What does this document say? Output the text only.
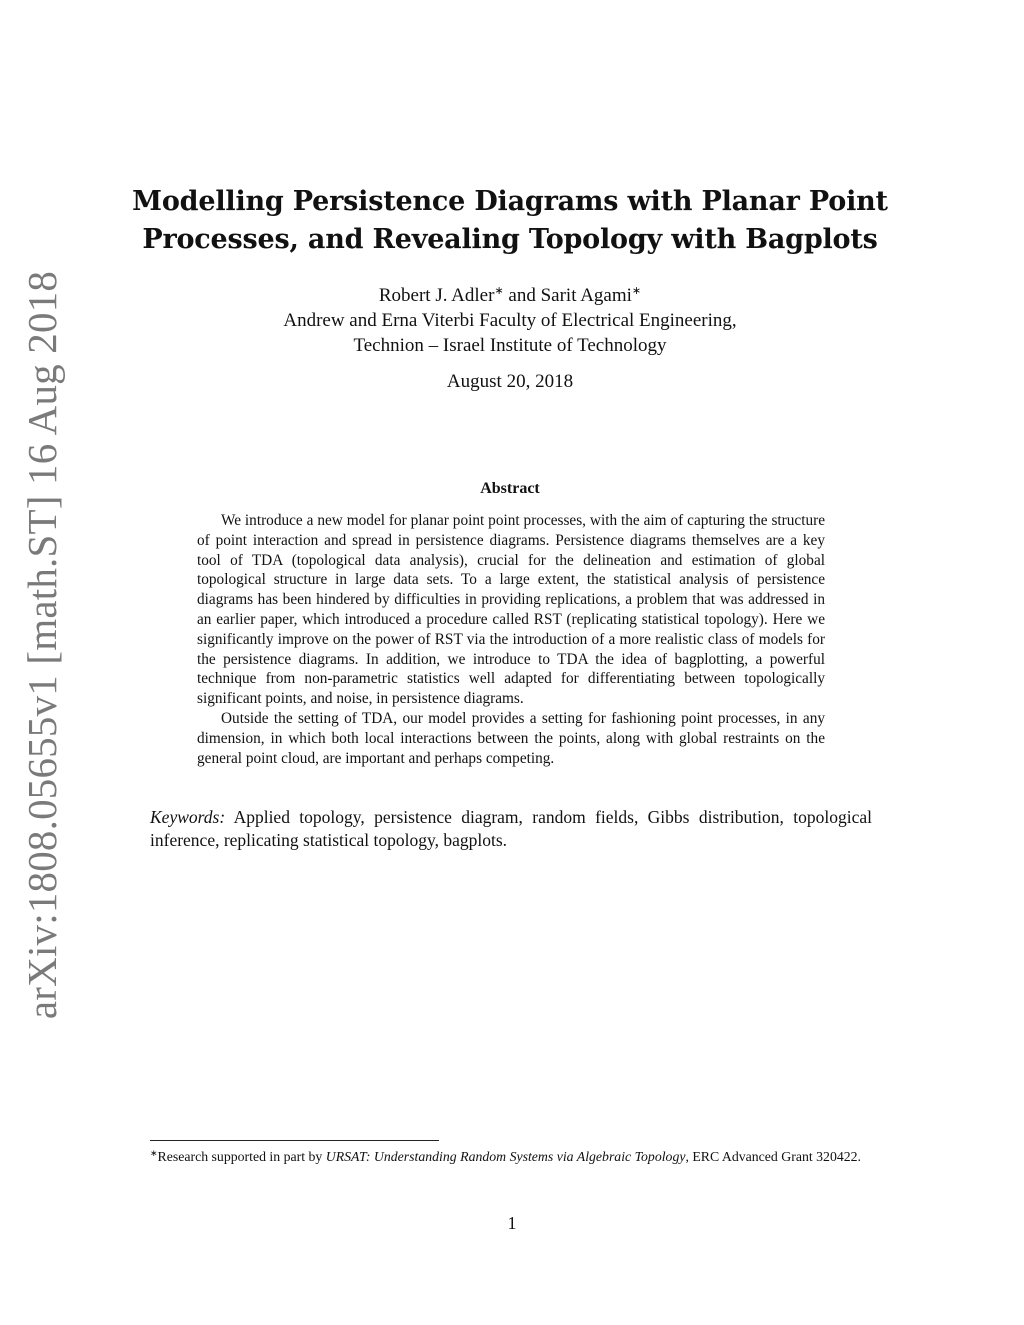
arXiv:1808.05655v1 [math.ST] 16 Aug 2018
Modelling Persistence Diagrams with Planar Point
Processes, and Revealing Topology with Bagplots
Robert J. Adler∗ and Sarit Agami∗
Andrew and Erna Viterbi Faculty of Electrical Engineering,
Technion – Israel Institute of Technology
August 20, 2018
Abstract

We introduce a new model for planar point point processes, with the aim of capturing the structure of point interaction and spread in persistence diagrams. Persistence diagrams themselves are a key tool of TDA (topological data analysis), crucial for the delineation and estimation of global topological structure in large data sets. To a large extent, the statistical analysis of persistence diagrams has been hindered by difficulties in providing replications, a problem that was addressed in an earlier paper, which introduced a procedure called RST (replicating statistical topology). Here we significantly improve on the power of RST via the introduction of a more realistic class of models for the persistence diagrams. In addition, we introduce to TDA the idea of bagplotting, a powerful technique from non-parametric statistics well adapted for differentiating between topologically significant points, and noise, in persistence diagrams.

Outside the setting of TDA, our model provides a setting for fashioning point processes, in any dimension, in which both local interactions between the points, along with global restraints on the general point cloud, are important and perhaps competing.

Keywords: Applied topology, persistence diagram, random fields, Gibbs distribution, topological inference, replicating statistical topology, bagplots.
∗Research supported in part by URSAT: Understanding Random Systems via Algebraic Topology, ERC Advanced Grant 320422.
1
